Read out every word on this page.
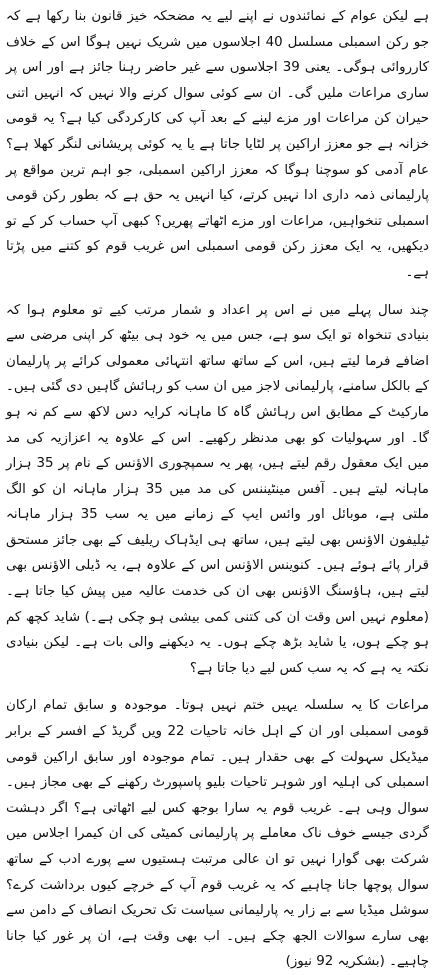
ہے لیکن عوام کے نمائندوں نے اپنے لیے یہ مضحکہ خیز قانون بنا رکھا ہے کہ جو رکن اسمبلی مسلسل 40 اجلاسوں میں شریک نہیں ہوگا اس کے خلاف کارروائی ہوگی۔ یعنی 39 اجلاسوں سے غیر حاضر رہنا جائز ہے اور اس پر ساری مراعات ملیں گی۔ ان سے کوئی سوال کرنے والا نہیں کہ انہیں اتنی حیران کن مراعات اور مزے لینے کے بعد آپ کی کارکردگی کیا ہے؟ یہ قومی خزانہ ہے جو معزز اراکین پر لٹایا جاتا ہے یا یہ کوئی پریشانی لنگر کھلا ہے؟ عام آدمی کو سوچنا ہوگا کہ معزز اراکین اسمبلی، جو اہم ترین مواقع پر پارلیمانی ذمہ داری ادا نہیں کرتے، کیا انہیں یہ حق ہے کہ بطور رکن قومی اسمبلی تنخواہیں، مراعات اور مزے اٹھاتے پھریں؟ کبھی آپ حساب کر کے تو دیکھیں، یہ ایک معزز رکن قومی اسمبلی اس غریب قوم کو کتنے میں پڑتا ہے۔

چند سال پہلے میں نے اس پر اعداد و شمار مرتب کیے تو معلوم ہوا کہ بنیادی تنخواہ تو ایک سو ہے، جس میں یہ خود ہی بیٹھ کر اپنی مرضی سے اضافے فرما لیتے ہیں، اس کے ساتھ ساتھ انتہائی معمولی کرائے پر پارلیمان کے بالکل سامنے، پارلیمانی لاجز میں ان سب کو رہائش گاہیں دی گئی ہیں۔ مارکیٹ کے مطابق اس رہائش گاہ کا ماہانہ کرایہ دس لاکھ سے کم نہ ہو گا۔ اور سہولیات کو بھی مدنظر رکھیے۔ اس کے علاوہ یہ اعزازیہ کی مد میں ایک معقول رقم لیتے ہیں، پھر یہ سمپچوری الاؤنس کے نام پر 35 ہزار ماہانہ لیتے ہیں۔ آفس مینٹیننس کی مد میں 35 ہزار ماہانہ ان کو الگ ملتی ہے، موبائل اور وائس ایپ کے زمانے میں یہ سب 35 ہزار ماہانہ ٹیلیفون الاؤنس بھی لیتے ہیں، ساتھ ہی ایڈہاک ریلیف کے بھی جائز مستحق قرار پائے ہوئے ہیں۔ کنوینس الاؤنس اس کے علاوہ ہے، یہ ڈیلی الاؤنس بھی لیتے ہیں، ہاؤسنگ الاؤنس بھی ان کی خدمت عالیہ میں پیش کیا جاتا ہے۔ (معلوم نہیں اس وقت ان کی کتنی کمی بیشی ہو چکی ہے۔) شاید کچھ کم ہو چکے ہوں، یا شاید بڑھ چکے ہوں۔ یہ دیکھنے والی بات ہے۔ لیکن بنیادی نکتہ یہ ہے کہ یہ سب کس لیے دیا جاتا ہے؟

مراعات کا یہ سلسلہ یہیں ختم نہیں ہوتا۔ موجودہ و سابق تمام ارکان قومی اسمبلی اور ان کے اہل خانہ تاحیات 22 ویں گریڈ کے افسر کے برابر میڈیکل سہولت کے بھی حقدار ہیں۔ تمام موجودہ اور سابق اراکین قومی اسمبلی کی اہلیہ اور شوہر تاحیات بلیو پاسپورٹ رکھنے کے بھی مجاز ہیں۔ سوال وہی ہے۔ غریب قوم یہ سارا بوجھ کس لیے اٹھاتی ہے؟ اگر دہشت گردی جیسے خوف ناک معاملے پر پارلیمانی کمیٹی کی ان کیمرا اجلاس میں شرکت بھی گوارا نہیں تو ان عالی مرتبت ہستیوں سے پورے ادب کے ساتھ سوال پوچھا جانا چاہیے کہ یہ غریب قوم آپ کے خرچے کیوں برداشت کرے؟ سوشل میڈیا سے بے زار یہ پارلیمانی سیاست تک تحریک انصاف کے دامن سے بھی سارے سوالات الجھ چکے ہیں۔ اب بھی وقت ہے، ان پر غور کیا جانا چاہیے۔ (بشکریہ 92 نیوز)
